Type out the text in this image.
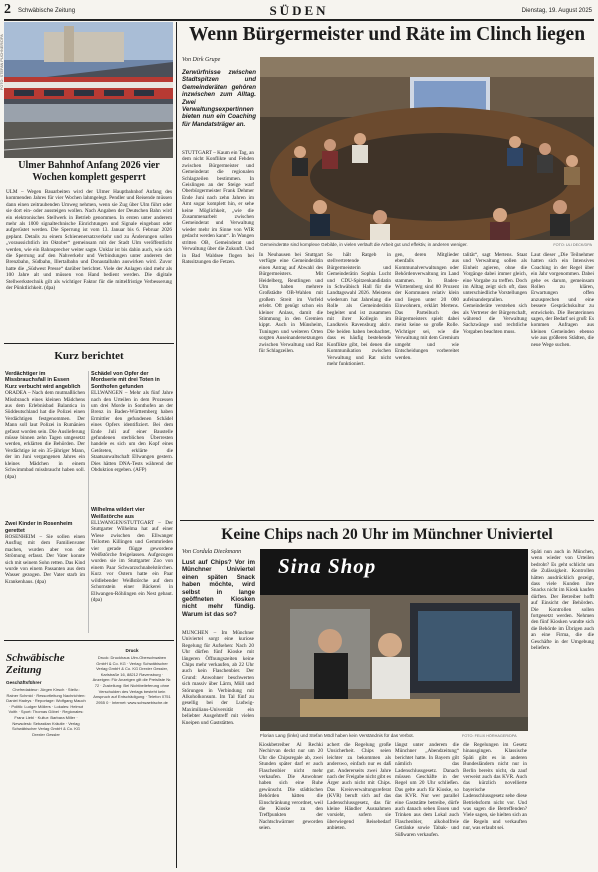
2 Schwäbische Zeitung	SÜDEN	Dienstag, 19. August 2025
FOTO: STEFAN PUCHNER/DPA
Ulmer Bahnhof Anfang 2026 vier Wochen komplett gesperrt
ULM – Wegen Bauarbeiten wird der Ulmer Hauptbahnhof Anfang des kommenden Jahres für vier Wochen lahmgelegt. Pendler und Reisende müssen dann einen zeitraubenden Umweg nehmen, wenn sie Zug über Ulm führt oder sie dort ein- oder aussteigen wollen. Nach Angaben der Deutschen Bahn wird ein elektronisches Stellwerk in Betrieb genommen. In ersten unter anderem mehr als 1000 signaltechnische Einrichtungen und Signale eingebaut oder aufgerüstet werden. Die Sperrung ist vom 13. Januar bis 6. Februar 2026 geplant. Details zu einem Schienenersatzverkehr und zu Änderungen sollen „voraussichtlich im Oktober“ gemeinsam mit der Stadt Ulm veröffentlicht werden, wie ein Bahnsprecher weiter sagte. Unklar ist bis dahin auch, wie sich die Sperrung auf den Nahverkehr und Verbindungen unter anderem der Brenzbahn, Südbahn, Illertalbahn und Donautalbahn auswirken wird. Zuvor hatte die „Südwest Presse“ darüber berichtet. Viele der Anlagen sind mehr als 100 Jahre alt und müssen von Hand bedient werden. Die digitale Stellwerkstechnik gilt als wichtiger Faktor für die mittelfristige Verbesserung der Pünktlichkeit. (dpa)
Kurz berichtet
Verdächtiger im Missbrauchsfall in Essen
Kurz verbucht wird angeblich
ORADEA – Nach dem mutmaßlichen Missbrauch eines kleinen Mädchens aus dem Erlebnisbad Balantica in Süddeutschland hat die Polizei einen Verdächtigen festgenommen. Der Mann soll laut Polizei in Rumänien gefasst worden sein. Die Auslieferung müsse binnen zehn Tagen umgesetzt werden, erklärten die Behörden. Der Verdächtige ist ein 35-jähriger Mann, der im Juni vergangenen Jahres ein kleines Mädchen in einem Schwimmbad missbraucht haben soll. (dpa)
Zwei Kinder in Rosenheim gerettet
ROSENHEIM – Sie sollen einen Ausflug mit dem Familienvater machen, wurden aber von der Strömung erfasst. Der Vater konnte sich mit seinem Sohn retten. Das Kind wurde von einem Passanten aus dem Wasser gezogen. Der Vater starb im Krankenhaus. (dpa)
Schädel von Opfer der Mordserie mit drei Toten in Sonthofen gefunden
ELLWANGEN – Mehr als fünf Jahre nach den Urteilen in dem Prozessen um drei Morde in Sonthofen an der Brenz in Baden-Württemberg haben Ermittler den gefundenen Schädel eines Opfers identifiziert. Bei dem Ende Juli auf einer Baustelle gefundenen sterblichen Überresten handele es sich um den Kopf eines Getöteten, erklärte die Staatsanwaltschaft Ellwangen gestern. Dies hätten DNA-Tests während der Obduktion ergeben. (AFP)
Wilhelma wildert vier Weißstörche aus
ELLWANGEN/STUTTGART – Der Stuttgarter Wilhelma hat auf einer Wiese zwischen den Ellwanger Teilorten Killingen und Gemmrieden vier gerade flügge gewordene Weißstörche freigelassen. Aufgezogen wurden sie im Stuttgarter Zoo von einem Paar Schwarzschnabelstörchen. Kurz vor Ostern hatte ein Paar wildlebender Weißstörche auf dem Schornstein einer Bäckerei in Ellwangen-Röhlingen ein Nest gebaut. (dpa)
Schwäbische Zeitung
Geschäftsführer
Chefredakteur: Jürgen Kirsch · Stellv.: Rainer Schmid · Ressortleitung Nachrichten: Daniel Hadrys · Reportage: Wolfgang Mauch · Politik: Ludger Möllers · Lokales: Helmut Voith · Sport: Thomas Göbel · Regionales: Franz Liebl · Kultur: Barbara Miller · Newsdesk: Sebastian Kräutle · Verlag Schwäbischer Verlag GmbH & Co. KG Drexler Gessler
Druck
Druck: Druckhaus Ulm-Oberschwaben GmbH & Co. KG · Verlag: Schwäbischer Verlag GmbH & Co. KG Drexler Gessler, Karlstraße 16, 88212 Ravensburg · Anzeigen: Für Anzeigen gilt die Preisliste Nr. 72 · Zustellung: Bei Nichtbelieferung ohne Verschulden des Verlags besteht kein Anspruch auf Entschädigung · Telefon 0751 2955 0 · Internet: www.schwaebische.de
Wenn Bürgermeister und Räte im Clinch liegen
Von Dirk Grupe
Zerwürfnisse zwischen Stadtspitzen und Gemeinderäten gehören inzwischen zum Alltag. Zwei Verwaltungsexpertinnen bieten nun ein Coaching für Mandatsträger an.
Gemeinderäte sind komplexe Gebilde, in vielen verläuft die Arbeit gut und effektiv, in anderen weniger.	FOTO: ULI DECK/DPA
STUTTGART – Kaum ein Tag, an dem nicht Konflikte und Fehden zwischen Bürgermeister und Gemeinderat die regionalen Schlagzeilen bestimmen. In Geislingen an der Steige warf Oberbürgermeister Frank Dehmer Ende Juni nach zehn Jahren im Amt sogar komplett hin, er sehe keine Möglichkeit, „wie die Zusammenarbeit zwischen Gemeinderat und Verwaltung wieder mehr im Sinne von WIR gedacht werden kann“. In Wangen stritten OB, Gemeinderat und Verwaltung über die Zukunft. Und in Bad Waldsee flogen bei Ratssitzungen die Fetzen.
In Neuhausen bei Stuttgart verfügte eine Gemeinderätin einen Antrag auf Abwahl des Bürgermeisters. Mit Heidelberg, Reutlingen und Ulm haben mehrere Großstädte OB-Wahlen mit großem Streit im Vorfeld erlebt. Oft genügt schon ein kleiner Anlass, damit die Stimmung in den Gremien kippt. Auch in Münsheim, Tuningen und weiteren Orten sorgten Auseinandersetzungen zwischen Verwaltung und Rat für Schlagzeilen.
So hält Ratgeb in stellvertretende Bürgermeisterin und Gemeinderätin Sophia Lucht und CDU-Spitzenkandidatin in Schwäbisch Hall für die Landtagswahl 2026. Meistens wiederum hat Jahrelang die Rolle als Gemeinderätin begleitet und ist zusammen mit ihrer Kollegin im Landkreis Ravensburg aktiv. Die beiden haben beobachtet, dass es häufig bestehende Konflikte gibt, bei denen die Kommunikation zwischen Verwaltung und Rat nicht mehr funktioniert.
gen, deren Mitglieder ebenfalls aus Kommunalverwaltungen oder Behördenverwaltung im Land stammen. In Baden-Württemberg sind 80 Prozent der Kommunen relativ klein und liegen unter 20 000 Einwohnern, erklärt Mertens. Das Parteibuch des Bürgermeisters spielt dabei meist keine so große Rolle. Wichtiger sei, wie die Verwaltung mit dem Gremium umgeht und wie Entscheidungen vorbereitet werden.
talität“, sagt Mertens. Staat und Verwaltung sollen als Einheit agieren, ohne die Vorgänge dabei immer gleich, eine Vorgabe zu treffen. Doch im Alltag zeigt sich oft, dass unterschiedliche Vorstellungen aufeinanderprallen. Gemeinderäte verstehen sich als Vertreter der Bürgerschaft, während die Verwaltung Sachzwänge und rechtliche Vorgaben beachten muss.
Laut dieser „Die Teilnehmer hatten sich ein Intensives Coaching in der Regel über ein Jahr vorgenommen. Dabei gehe es darum, gemeinsam Rollen zu klären, Erwartungen offen anzusprechen und eine bessere Gesprächskultur zu entwickeln. Die Beraterinnen sagen, der Bedarf sei groß: Es kommen Anfragen aus kleinen Gemeinden ebenso wie aus größeren Städten, die neue Wege suchen.
Keine Chips nach 20 Uhr im Münchner Univiertel
Von Cordula Dieckmann
Lust auf Chips? Vor im Münchner Univiertel einen späten Snack haben möchte, wird selbst in lange geöffneten Kiosken nicht mehr fündig. Warum ist das so?
Sina Shop
Florian Lang (links) und Stefan Mödl haben kein Verständnis für das Verbot.	FOTO: FELIX HÖRHAGER/DPA
MÜNCHEN – Im Münchner Univiertel sorgt eine kuriose Regelung für Aufsehen: Nach 20 Uhr dürfen fünf Kioske mit längeren Öffnungszeiten keine Chips mehr verkaufen, ab 22 Uhr auch kein Flaschenbier. Der Grund: Anwohner beschwerten sich massiv über Lärm, Müll und Störungen in Verbindung mit Alkoholkonsum. Im Tal fünf zu gesellig bei der Ludwig-Maximilians-Universität ein beliebter Ausgehtreff mit vielen Kneipen und Gaststätten.
Kioskbetreiber Al Rechki Nechirvan deckt nur um 20 Uhr die Chipsregale ab, zwei Stunden später darf er auch Flaschenbier nicht mehr verkaufen. Die Anwohner haben sich eine Ruhe gewünscht. Die städtischen Behörden hätten die Einschränkung verordnet, weil die Kioske zu den Treffpunkten der Nachtschwärmer geworden seien.
achert die Regelung große Unsicherheit. Chips seien leichter zu bekommen als anderswo, einfach nur es daß gut. Andererseits zwei Jahre nach der Freigabe nicht gibt es Ärger auch nicht mit Chips. Das Kreisverwaltungsreferat (KVR) beruft sich auf das Ladenschlussgesetz, das für kleine Händler Ausnahmen vorsieht, sofern sie überwiegend Reisebedarf anbieten.
längst unter anderem die Münchner „Abendzeitung“ berichtet hatte. In Bayern gilt nämlich das Ladenschlussgesetz. Danach müssen Geschäfte in der Regel um 20 Uhr schließen. Das gelte auch für Kioske, so das KVR. Nur wer parallel eine Gaststätte betreibe, dürfe auch danach sehen Essen und Trinken aus dem Lokal auch Flaschenbier, alkoholfreie Getränke sowie Tabak- und Süßwaren verkaufen.
die Regelungen im Gesetz hinausgingen. Klassische Späti gibt es in anderen Bundesländern nicht nur in Berlin bereits nicht, da zauf verweist auch das KVR. Auch das kürzlich novellierte bayerische Ladenschlussgesetz sehe diese Betriebsform nicht vor. Und was sagen die Betreffenden? Viele sagen, sie hielten sich an die Regeln und verkauften nur, was erlaubt sei.
Späti nun auch in München, wenn wieder von Urteilen bedroht? Es geht schlicht um die Zulässigkeit. Kontrollen hätten ausdrücklich gezeigt, dass viele Kunden ihre Snacks nicht im Kiosk kaufen dürften. Der Betreiber hofft auf Einsicht der Behörden. Die Kontrollen sollen fortgesetzt werden. Nehmen den fünf Kiosken wandte sich die Behörde im Übrigen auch an eine Firma, die die Geschäfte in der Umgebung beliefere.
